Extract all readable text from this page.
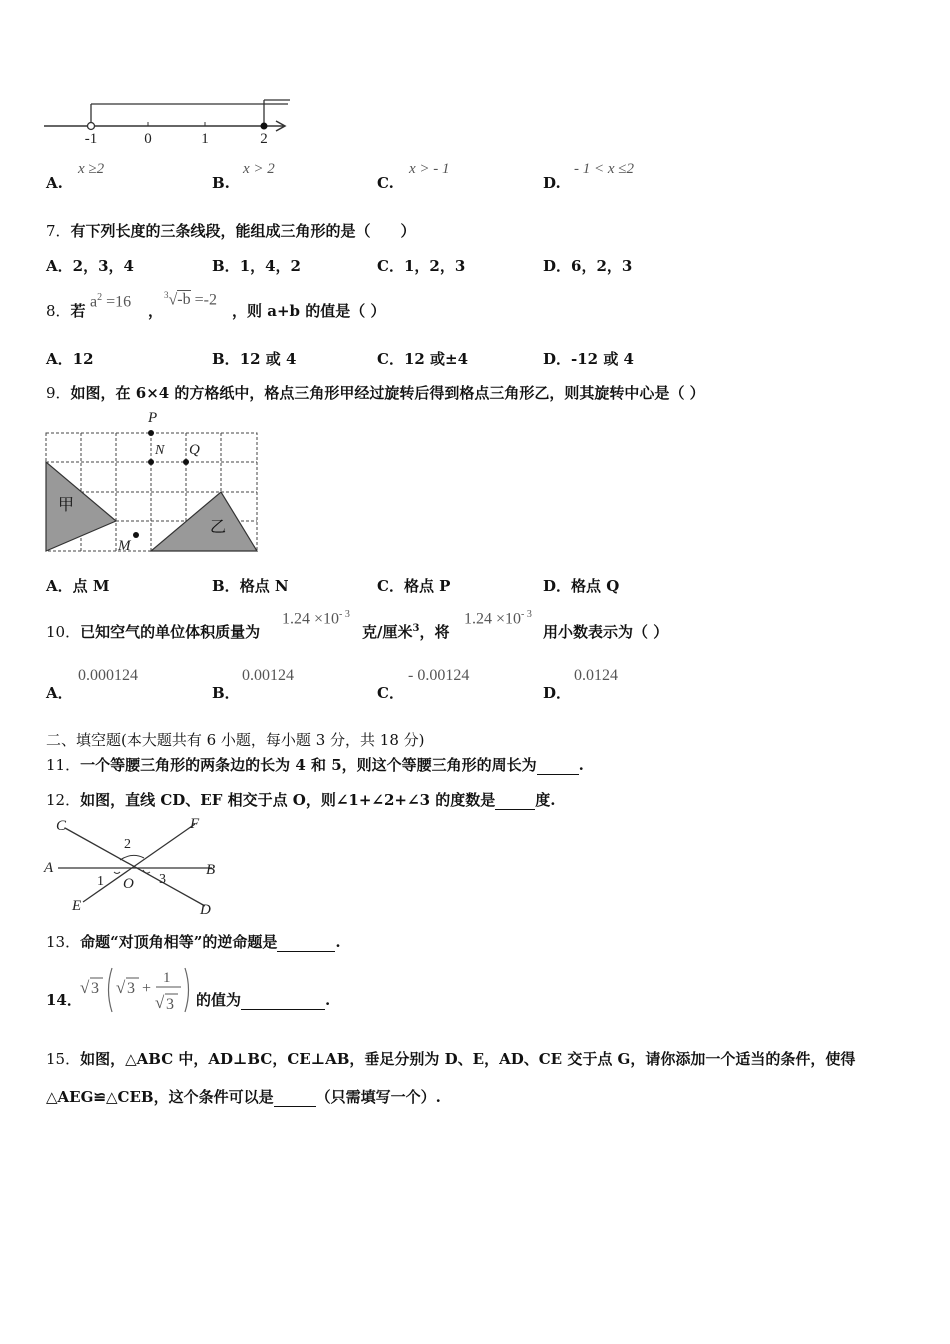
-1	0	1	2
A.
x ≥2
B.
x > 2
C.
x > - 1
D.
- 1 < x ≤2
7．有下列长度的三条线段，能组成三角形的是（　　）
A．2，3，4	B．1，4，2	C．1，2，3	D．6，2，3
8．若
$a^2 =16$
，
$^3$√-b =-2
，则 a+b 的值是（ ）
A．12	B．12 或 4	C．12 或±4	D．-12 或 4
9．如图，在 6×4 的方格纸中，格点三角形甲经过旋转后得到格点三角形乙，则其旋转中心是（ ）
P
N Q
M
甲
乙
A．点 M	B．格点 N	C．格点 P	D．格点 Q
10．已知空气的单位体积质量为
$1.24 \times 10^{- 3}$
克/厘米$^3$，将
$1.24 \times 10^{- 3}$
用小数表示为（ ）
A．
0.000124
B．
0.00124
C．
- 0.00124
D．
0.0124
二、填空题(本大题共有 6 小题，每小题 3 分，共 18 分)
11．一个等腰三角形的两条边的长为 4 和 5，则这个等腰三角形的周长为	.
12．如图，直线 CD、EF 相交于点 O，则∠1+∠2+∠3 的度数是	度.
C	F
A	B
E	D
O
1
2
3
13．命题“对顶角相等”的逆命题是	.
14．
√ 3 √ 3 +
1
√ 3 的值为	.
15．如图，△ABC 中，AD⊥BC，CE⊥AB，垂足分别为 D、E，AD、CE 交于点 G，请你添加一个适当的条件，使得
△AEG≌△CEB，这个条件可以是	（只需填写一个）.
